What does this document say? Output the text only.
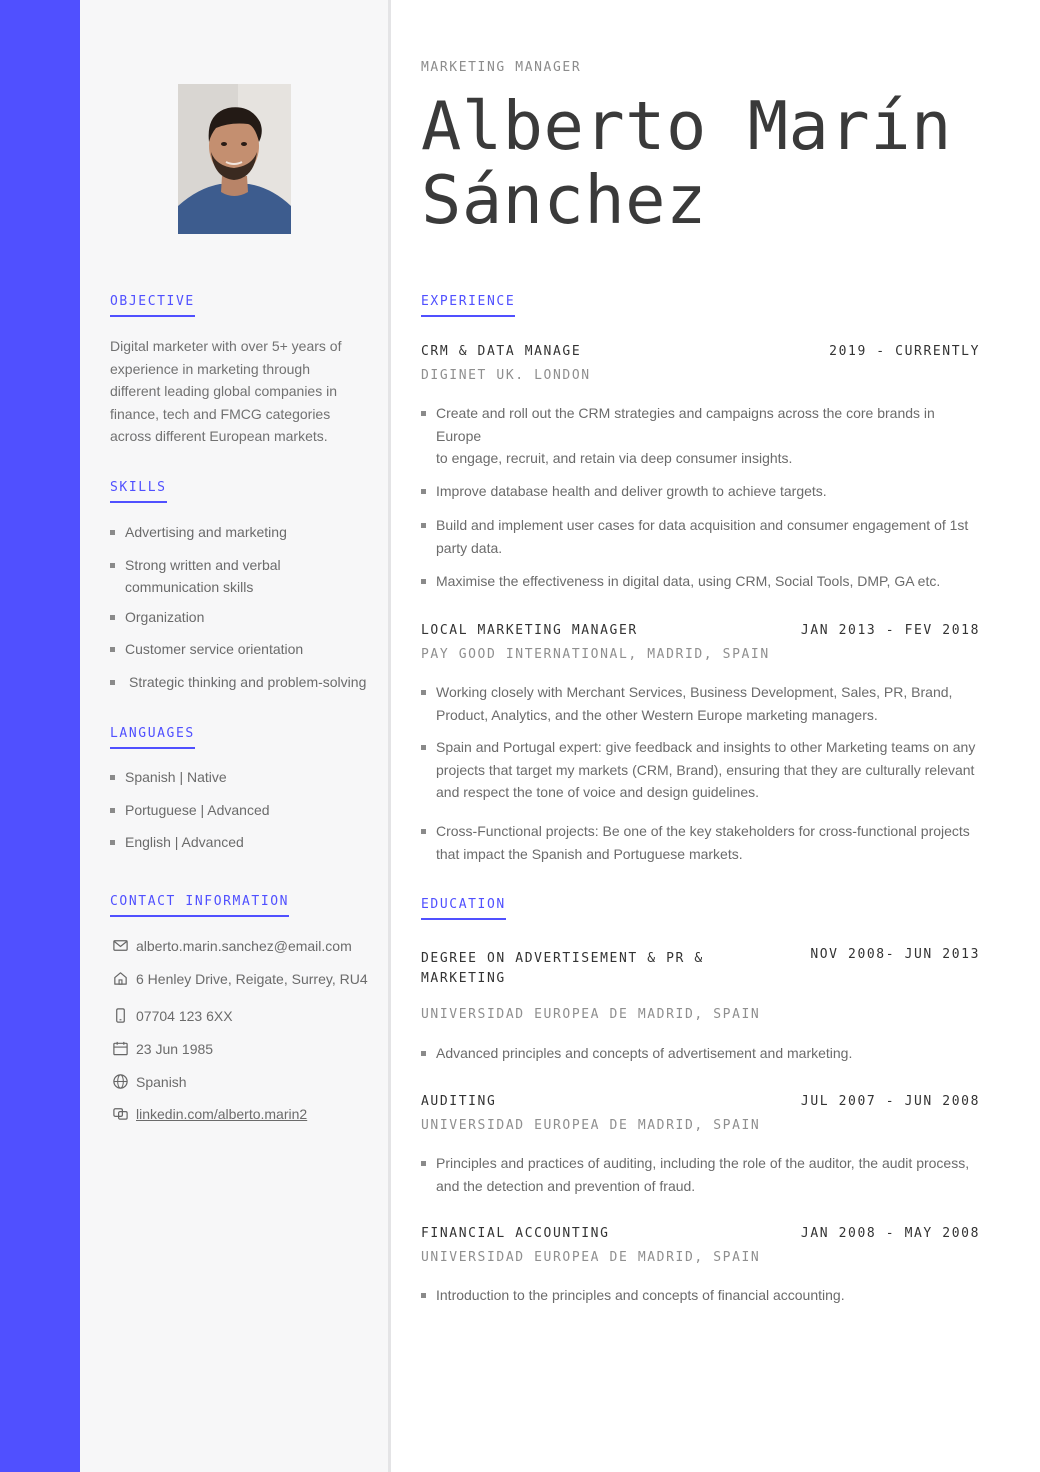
OBJECTIVE
Digital marketer with over 5+ years of
experience in marketing through
different leading global companies in
finance, tech and FMCG categories
across different European markets.
SKILLS
Advertising and marketing
Strong written and verbal
communication skills
Organization
Customer service orientation
Strategic thinking and problem-solving
LANGUAGES
Spanish | Native
Portuguese | Advanced
English | Advanced
CONTACT INFORMATION
alberto.marin.sanchez@email.com
6 Henley Drive, Reigate, Surrey, RU4
07704 123 6XX
23 Jun 1985
Spanish
linkedin.com/alberto.marin2
MARKETING MANAGER
Alberto Marín
Sánchez
EXPERIENCE
CRM & DATA MANAGE	2019 - CURRENTLY
DIGINET UK. LONDON
Create and roll out the CRM strategies and campaigns across the core brands in Europe
to engage, recruit, and retain via deep consumer insights.
Improve database health and deliver growth to achieve targets.
Build and implement user cases for data acquisition and consumer engagement of 1st
party data.
Maximise the effectiveness in digital data, using CRM, Social Tools, DMP, GA etc.
LOCAL MARKETING MANAGER	JAN 2013 - FEV 2018
PAY GOOD INTERNATIONAL, MADRID, SPAIN
Working closely with Merchant Services, Business Development, Sales, PR, Brand,
Product, Analytics, and the other Western Europe marketing managers.
Spain and Portugal expert: give feedback and insights to other Marketing teams on any
projects that target my markets (CRM, Brand), ensuring that they are culturally relevant
and respect the tone of voice and design guidelines.
Cross-Functional projects: Be one of the key stakeholders for cross-functional projects
that impact the Spanish and Portuguese markets.
EDUCATION
DEGREE ON ADVERTISEMENT & PR &
MARKETING
NOV 2008- JUN 2013
UNIVERSIDAD EUROPEA DE MADRID, SPAIN
Advanced principles and concepts of advertisement and marketing.
AUDITING	JUL 2007 - JUN 2008
UNIVERSIDAD EUROPEA DE MADRID, SPAIN
Principles and practices of auditing, including the role of the auditor, the audit process,
and the detection and prevention of fraud.
FINANCIAL ACCOUNTING	JAN 2008 - MAY 2008
UNIVERSIDAD EUROPEA DE MADRID, SPAIN
Introduction to the principles and concepts of financial accounting.
